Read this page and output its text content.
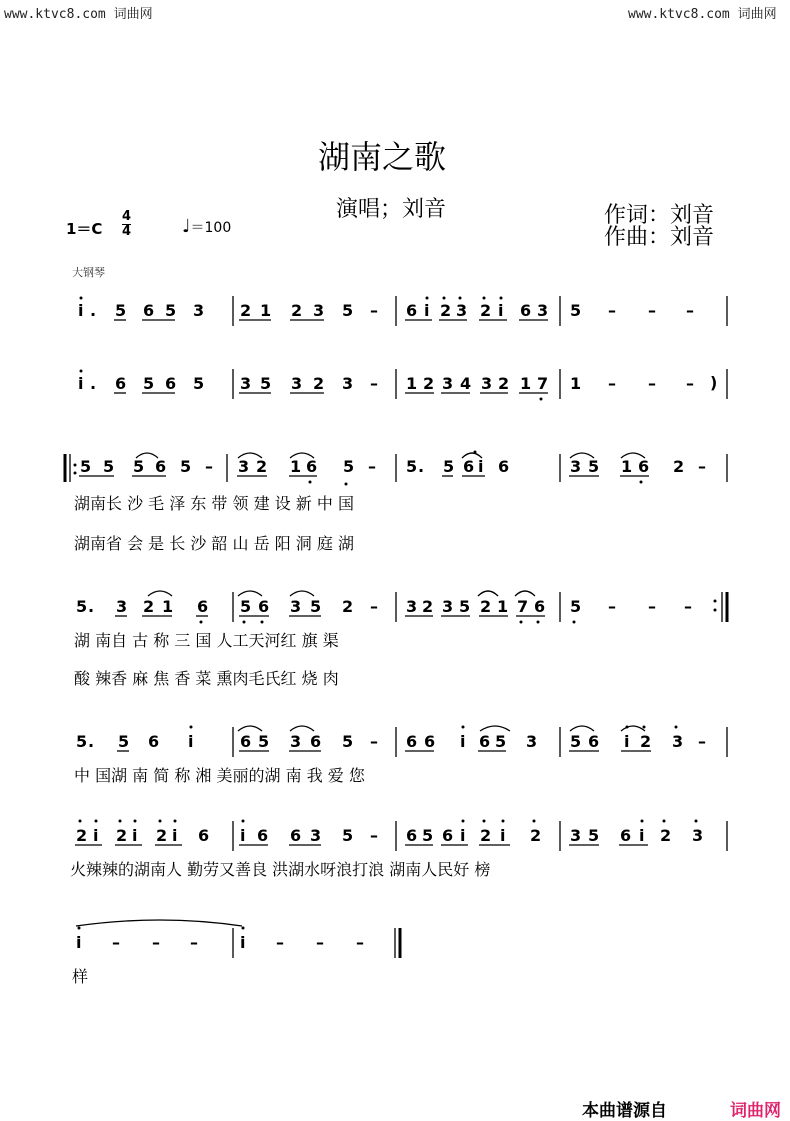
www.ktvc8.com 词曲网	www.ktvc8.com 词曲网
湖南之歌
演唱；刘音	作词：刘音
作曲：刘音
1＝C
4
4	♩＝100
大钢琴
i . 5 6 5 3 2 1 2 3 5 – 6 i 2 3 2 i 6 3 5 – – –
i . 6 5 6 5 3 5 3 2 3 – 1 2 3 4 3 2 1 7 1 – – – )
5 5 5 6 5 – 3 2 1 6 5 – 5 . 5 6 i 6	3 5 1 6 2 –
湖南长 沙 毛 泽 东 带 领 建 设 新 中 国
湖南省 会 是 长 沙 韶 山 岳 阳 洞 庭 湖
5 . 3 2 1 6 5 6 3 5 2 – 3 2 3 5 2 1 7 6 5 – – –
湖 南自 古 称 三 国 人工天河红 旗 渠
酸 辣香 麻 焦 香 菜 熏肉毛氏红 烧 肉
5 . 5 6 i	6 5 3 6 5 – 6 6 i 6 5 3 5 6 i 2 3 –
中 国湖 南 简 称 湘 美丽的湖 南 我 爱 您
2 i 2 i 2 i 6 i 6 6 3 5 – 6 5 6 i 2 i 2 3 5 6 i 2 3
火辣辣的湖南人 勤劳又善良 洪湖水呀浪打浪 湖南人民好 榜
i – – –	i – – –
样
本曲谱源自	词曲网
